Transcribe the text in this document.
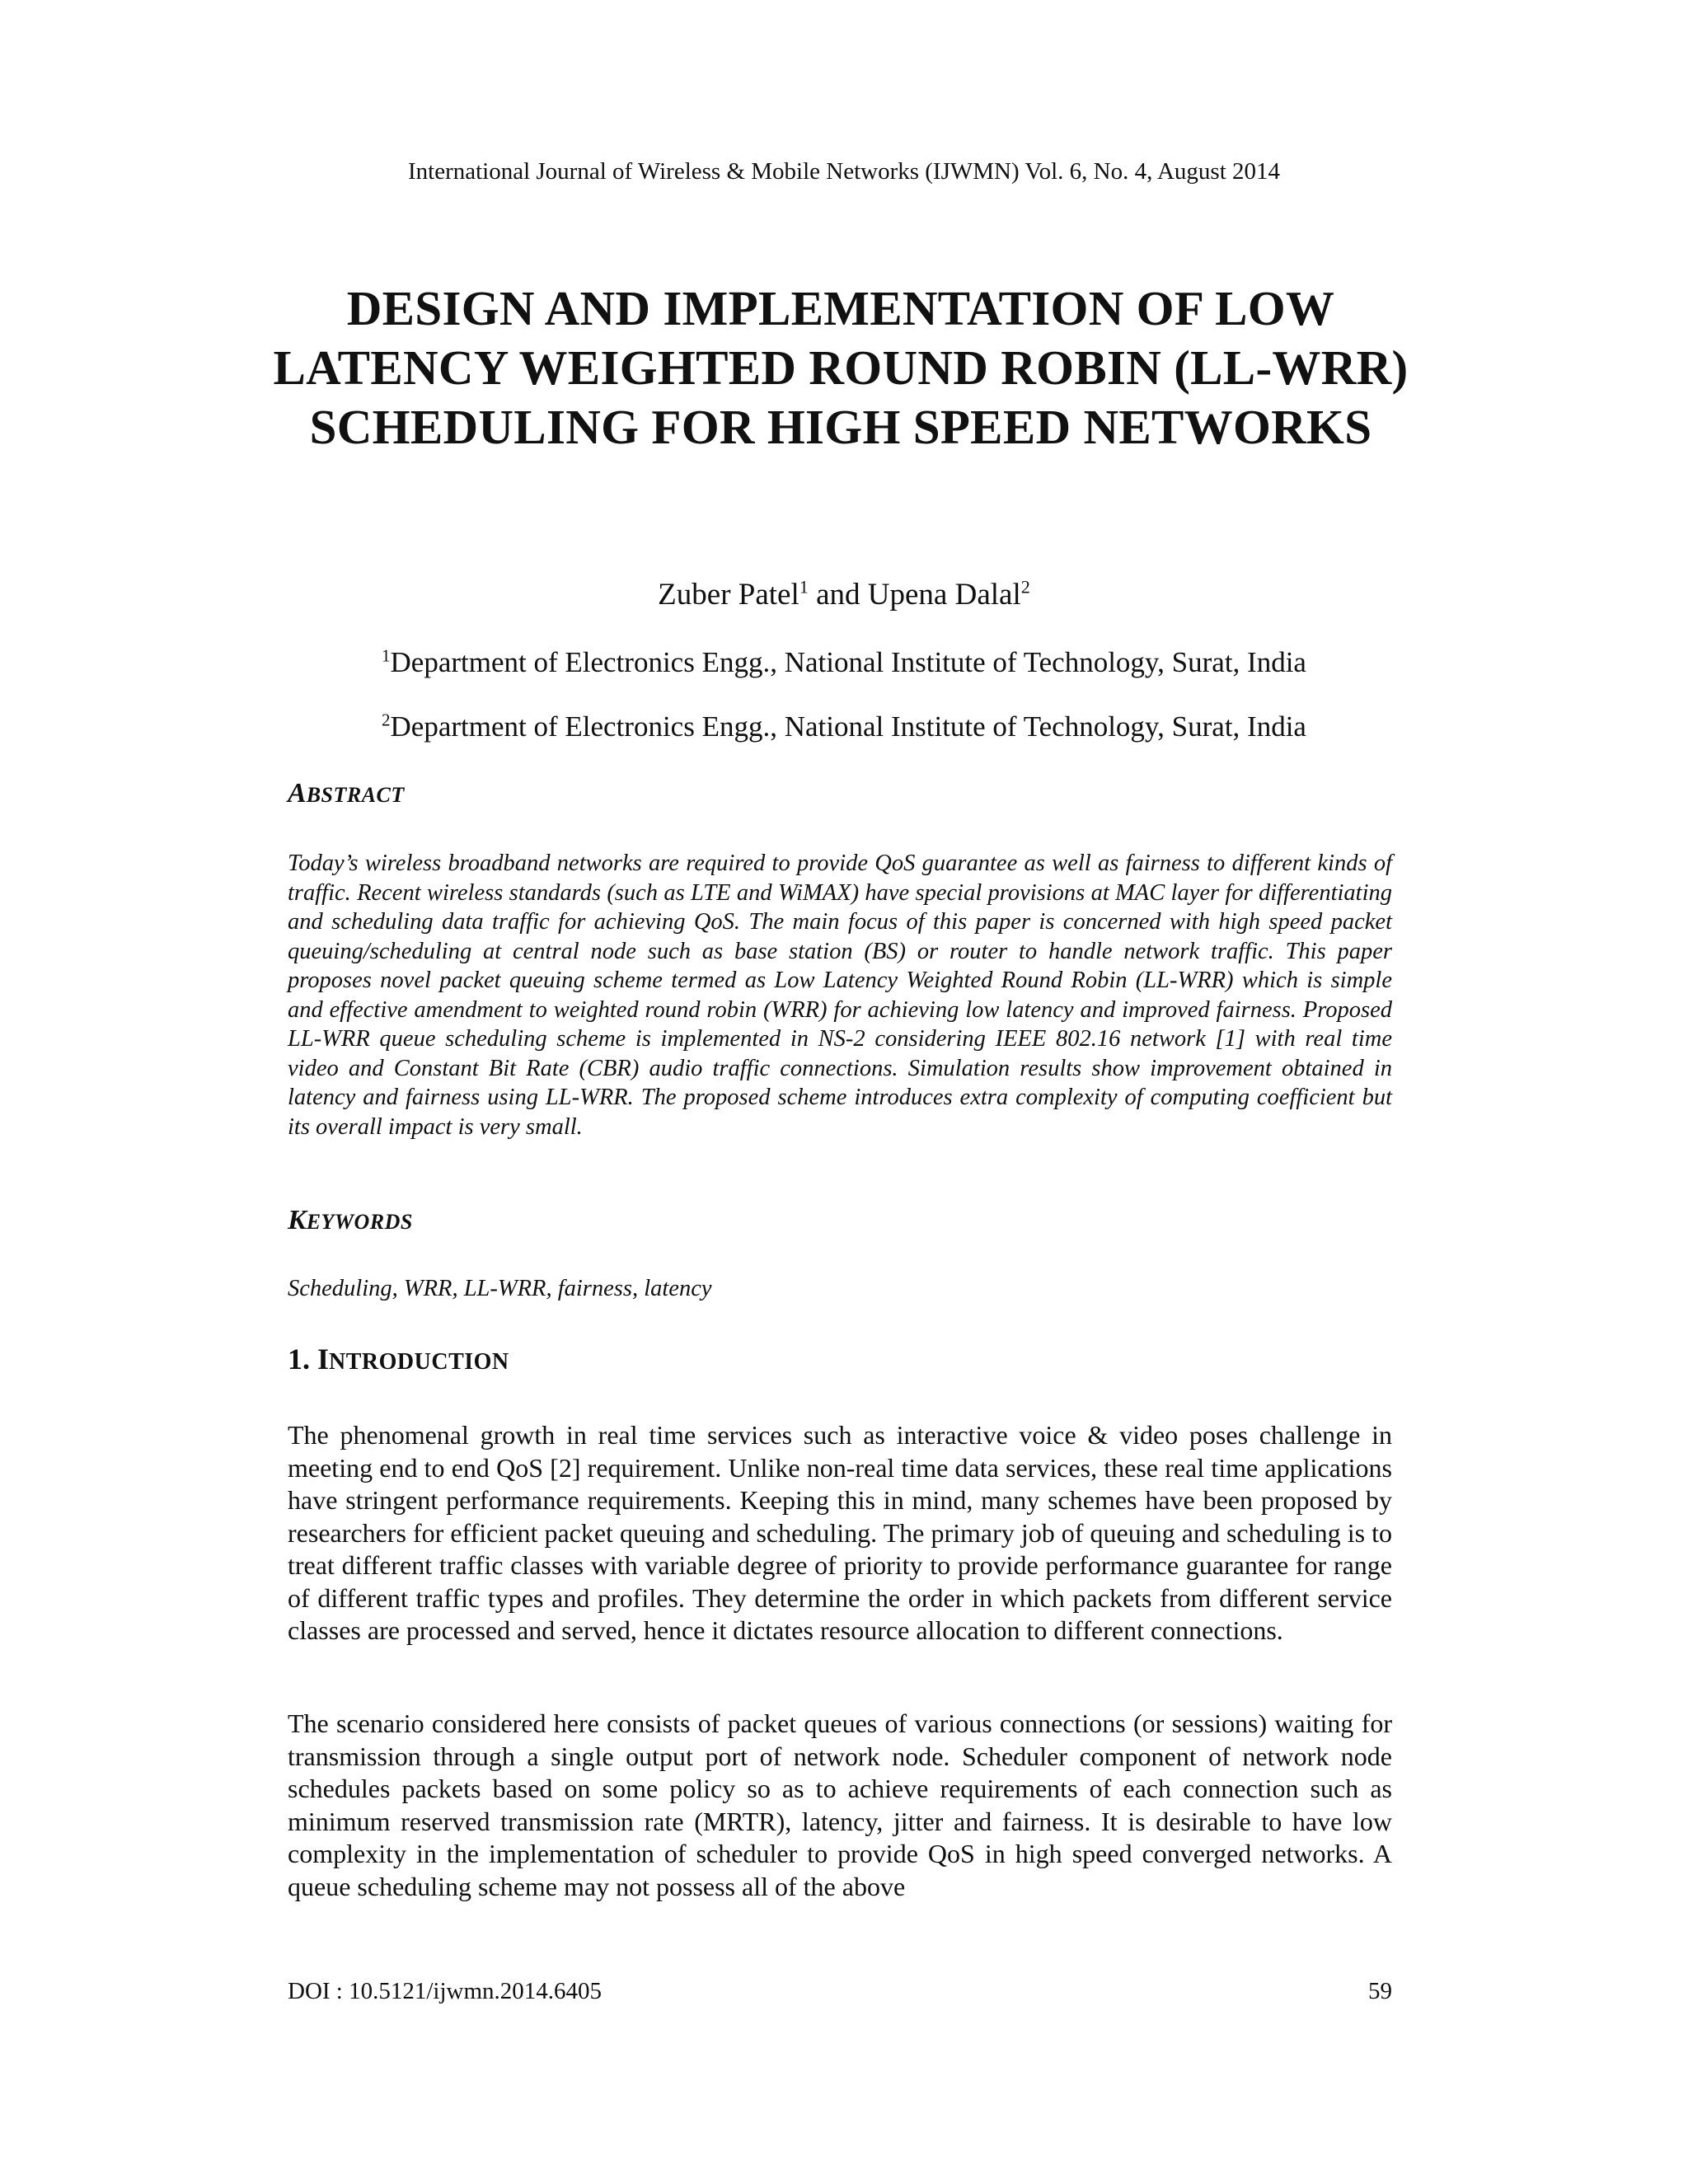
International Journal of Wireless & Mobile Networks (IJWMN) Vol. 6, No. 4, August 2014
DESIGN AND IMPLEMENTATION OF LOW LATENCY WEIGHTED ROUND ROBIN (LL-WRR) SCHEDULING FOR HIGH SPEED NETWORKS
Zuber Patel$^1$ and Upena Dalal$^2$
$^1$Department of Electronics Engg., National Institute of Technology, Surat, India
$^2$Department of Electronics Engg., National Institute of Technology, Surat, India
ABSTRACT

Today’s wireless broadband networks are required to provide QoS guarantee as well as fairness to different kinds of traffic. Recent wireless standards (such as LTE and WiMAX) have special provisions at MAC layer for differentiating and scheduling data traffic for achieving QoS. The main focus of this paper is concerned with high speed packet queuing/scheduling at central node such as base station (BS) or router to handle network traffic. This paper proposes novel packet queuing scheme termed as Low Latency Weighted Round Robin (LL-WRR) which is simple and effective amendment to weighted round robin (WRR) for achieving low latency and improved fairness. Proposed LL-WRR queue scheduling scheme is implemented in NS-2 considering IEEE 802.16 network [1] with real time video and Constant Bit Rate (CBR) audio traffic connections. Simulation results show improvement obtained in latency and fairness using LL-WRR. The proposed scheme introduces extra complexity of computing coefficient but its overall impact is very small.

KEYWORDS
Scheduling, WRR, LL-WRR, fairness, latency
1. INTRODUCTION

The phenomenal growth in real time services such as interactive voice & video poses challenge in meeting end to end QoS [2] requirement. Unlike non-real time data services, these real time applications have stringent performance requirements. Keeping this in mind, many schemes have been proposed by researchers for efficient packet queuing and scheduling. The primary job of queuing and scheduling is to treat different traffic classes with variable degree of priority to provide performance guarantee for range of different traffic types and profiles. They determine the order in which packets from different service classes are processed and served, hence it dictates resource allocation to different connections.

The scenario considered here consists of packet queues of various connections (or sessions) waiting for transmission through a single output port of network node. Scheduler component of network node schedules packets based on some policy so as to achieve requirements of each connection such as minimum reserved transmission rate (MRTR), latency, jitter and fairness. It is desirable to have low complexity in the implementation of scheduler to provide QoS in high speed converged networks. A queue scheduling scheme may not possess all of the above

DOI : 10.5121/ijwmn.2014.6405	59
